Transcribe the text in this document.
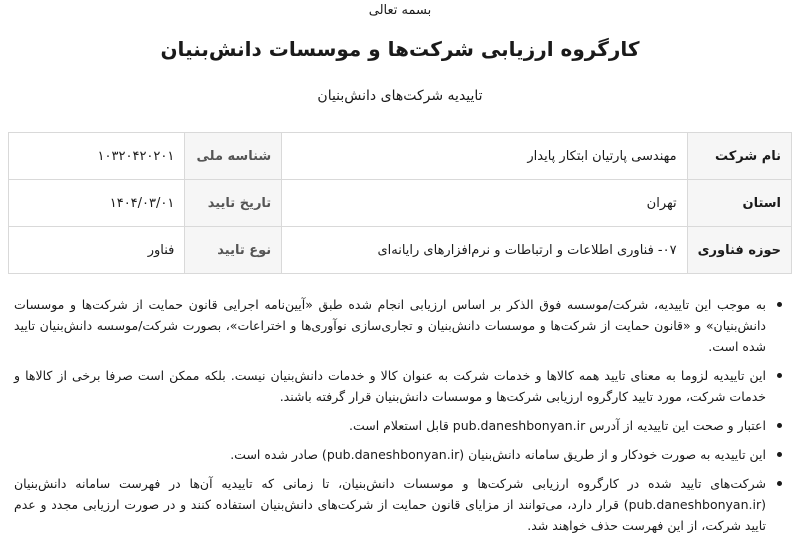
بسمه تعالی
کارگروه ارزیابی شرکت‌ها و موسسات دانش‌بنیان
تاییدیه شرکت‌های دانش‌بنیان
نام شرکت	مهندسی پارتیان ابتکار پایدار	شناسه ملی	۱۰۳۲۰۴۲۰۲۰۱
استان	تهران	تاریخ تایید	۱۴۰۴/۰۳/۰۱
حوزه فناوری	۰۷- فناوری اطلاعات و ارتباطات و نرم‌افزارهای رایانه‌ای	نوع تایید	فناور
به موجب این تاییدیه، شرکت/موسسه فوق الذکر بر اساس ارزیابی انجام شده طبق «آیین‌نامه اجرایی قانون حمایت از شرکت‌ها و موسسات دانش‌بنیان» و «قانون حمایت از شرکت‌ها و موسسات دانش‌بنیان و تجاری‌سازی نوآوری‌ها و اختراعات»، بصورت شرکت/موسسه دانش‌بنیان تایید شده است.
این تاییدیه لزوما به معنای تایید همه کالاها و خدمات شرکت به عنوان کالا و خدمات دانش‌بنیان نیست. بلکه ممکن است صرفا برخی از کالاها و خدمات شرکت، مورد تایید کارگروه ارزیابی شرکت‌ها و موسسات دانش‌بنیان قرار گرفته باشند.
اعتبار و صحت این تاییدیه از آدرس pub.daneshbonyan.ir قابل استعلام است.
این تاییدیه به صورت خودکار و از طریق سامانه دانش‌بنیان (pub.daneshbonyan.ir) صادر شده است.
شرکت‌های تایید شده در کارگروه ارزیابی شرکت‌ها و موسسات دانش‌بنیان، تا زمانی که تاییدیه آن‌ها در فهرست سامانه دانش‌بنیان (pub.daneshbonyan.ir) قرار دارد، می‌توانند از مزایای قانون حمایت از شرکت‌های دانش‌بنیان استفاده کنند و در صورت ارزیابی مجدد و عدم تایید شرکت، از این فهرست حذف خواهند شد.
